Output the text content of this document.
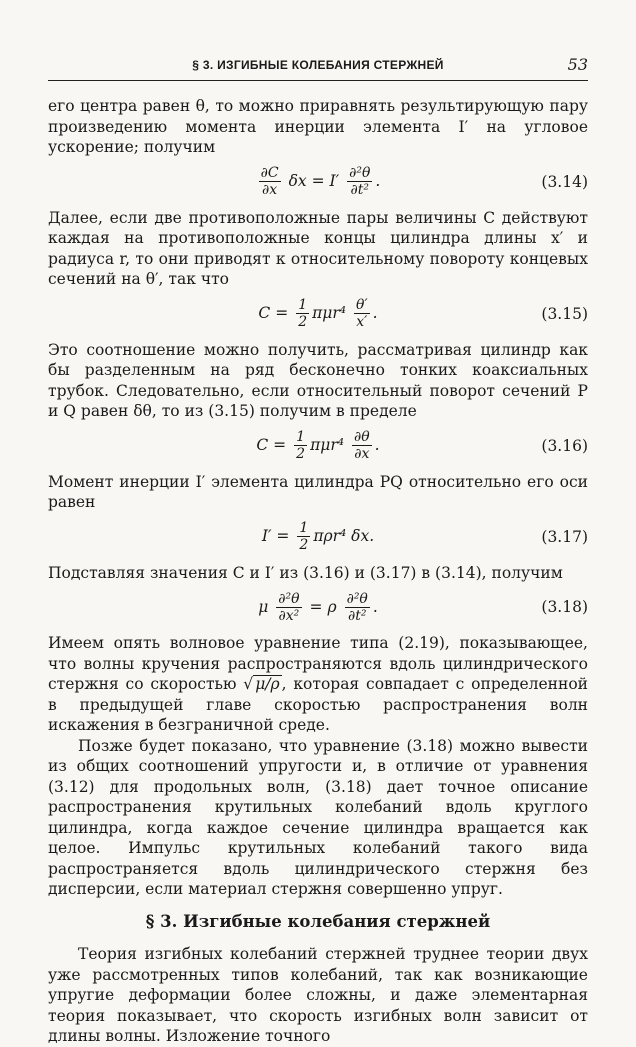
§ 3. ИЗГИБНЫЕ КОЛЕБАНИЯ СТЕРЖНЕЙ	53

его центра равен θ, то можно приравнять результирующую пару произведению момента инерции элемента I′ на угловое ускорение; получим

$\frac{\partial C}{\partial x}$ $\delta x = I' \frac{\text{∂²θ}}{\text{∂t²}}$ .	(3.14)

Далее, если две противоположные пары величины C действуют каждая на противоположные концы цилиндра длины x′ и радиуса r, то они приводят к относительному повороту концевых сечений на θ′, так что

$C = \frac{1}{2} \pi\mu r^4 \frac{\theta'}{x'}$ .	(3.15)

Это соотношение можно получить, рассматривая цилиндр как бы разделенным на ряд бесконечно тонких коаксиальных трубок. Следовательно, если относительный поворот сечений P и Q равен δθ, то из (3.15) получим в пределе

$C = \frac{1}{2} \pi\mu r^4 \frac{\partial\theta}{\partial x}$ .	(3.16)

Момент инерции I′ элемента цилиндра PQ относительно его оси равен

$I' = \frac{1}{2} \pi\rho r^4$ δx.	(3.17)

Подставляя значения C и I′ из (3.16) и (3.17) в (3.14), получим

μ $\frac{\text{∂²θ}}{\text{∂x²}} = \rho \frac{\text{∂²θ}}{\text{∂t²}}$ .	(3.18)

Имеем опять волновое уравнение типа (2.19), показывающее, что волны кручения распространяются вдоль цилиндрического стержня со скоростью √ μ/ρ , которая совпадает с определенной в предыдущей главе скоростью распространения волн искажения в безграничной среде.

Позже будет показано, что уравнение (3.18) можно вывести из общих соотношений упругости и, в отличие от уравнения (3.12) для продольных волн, (3.18) дает точное описание распространения крутильных колебаний вдоль круглого цилиндра, когда каждое сечение цилиндра вращается как целое. Импульс крутильных колебаний такого вида распространяется вдоль цилиндрического стержня без дисперсии, если материал стержня совершенно упруг.

§ 3. Изгибные колебания стержней

Теория изгибных колебаний стержней труднее теории двух уже рассмотренных типов колебаний, так как возникающие упругие деформации более сложны, и даже элементарная теория показывает, что скорость изгибных волн зависит от длины волны. Изложение точного
